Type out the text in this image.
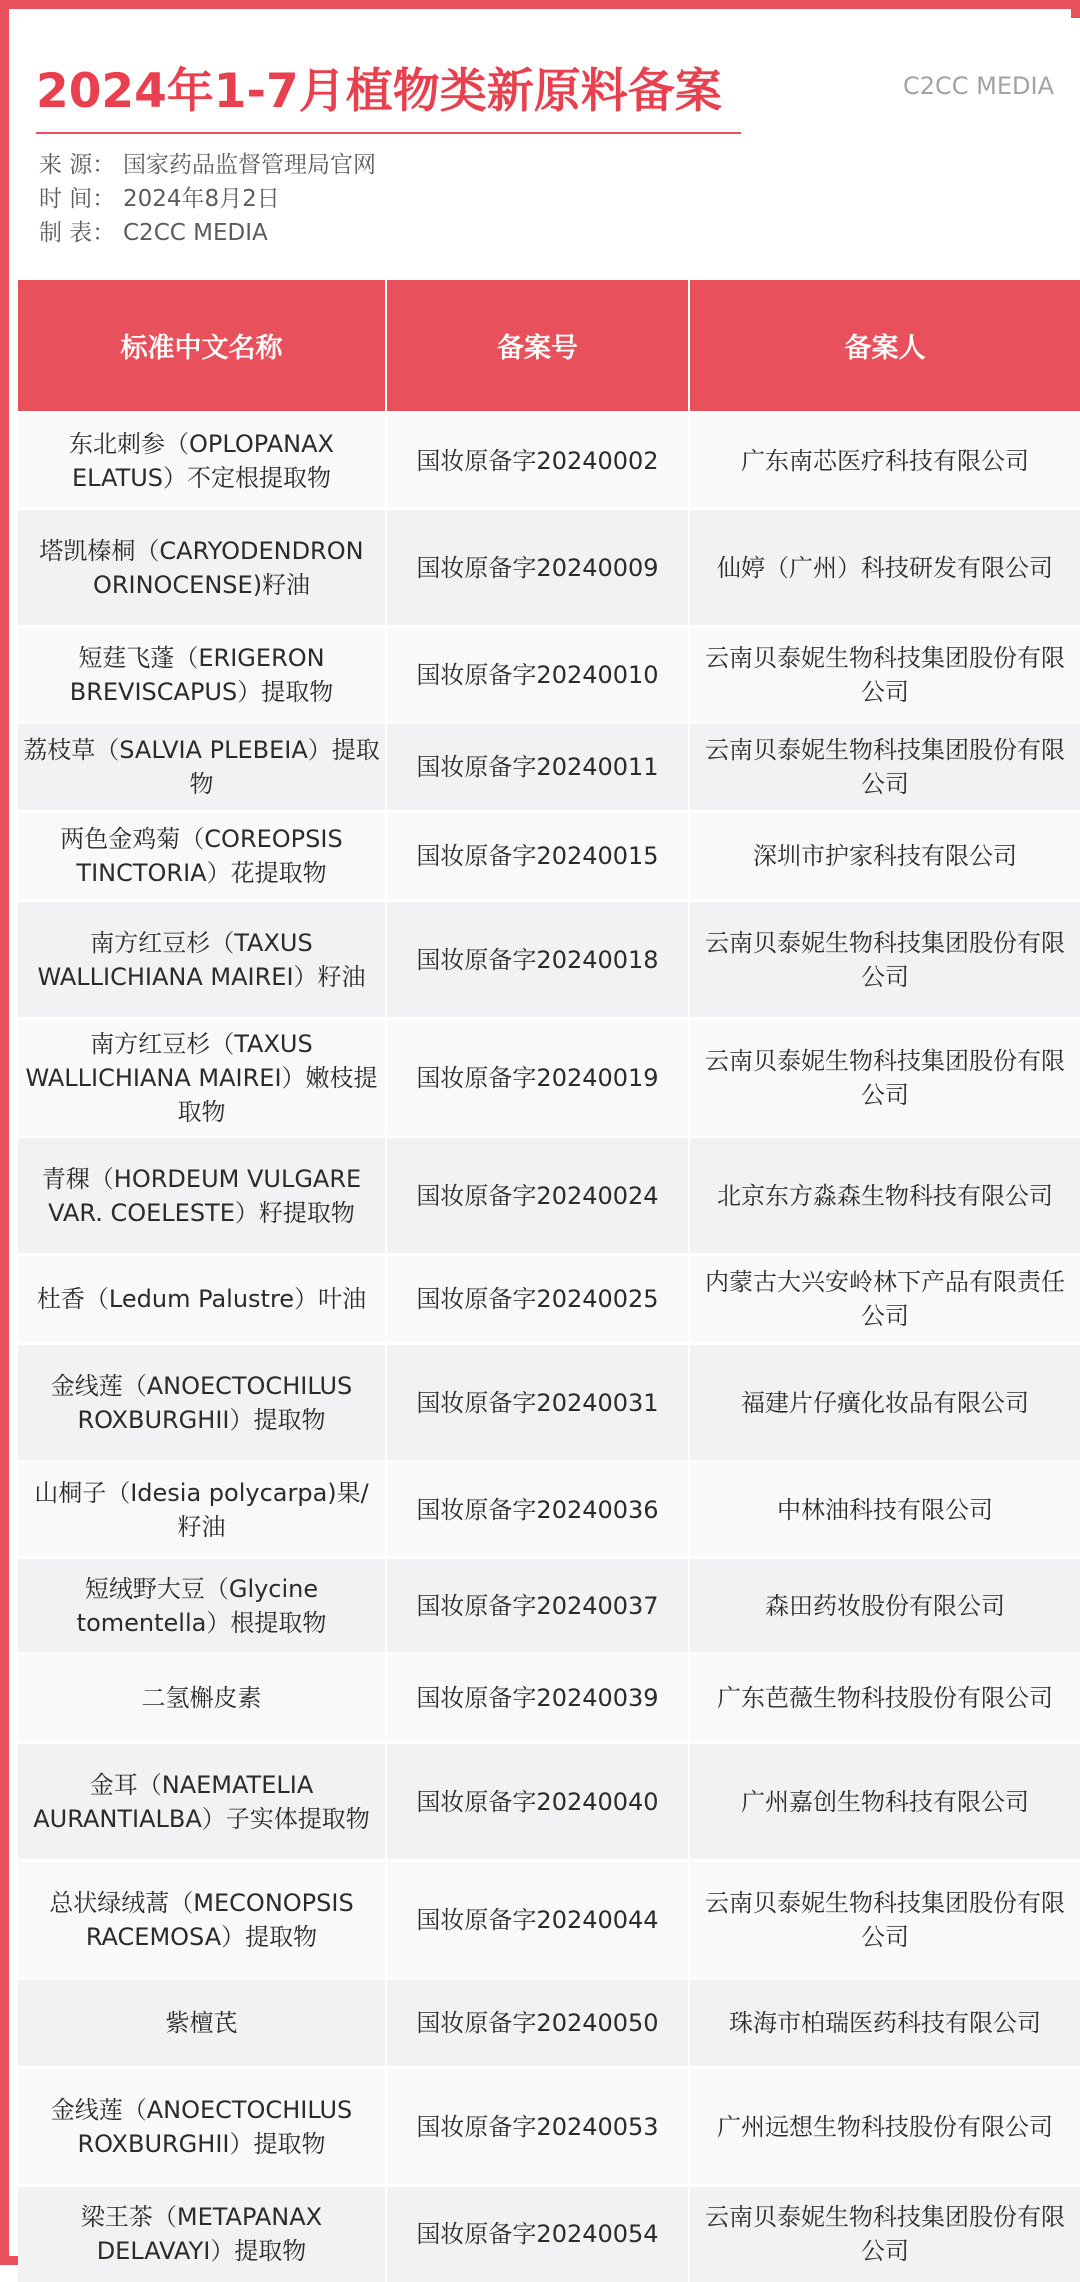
2024年1-7月植物类新原料备案	C2CC MEDIA
来 源： 国家药品监督管理局官网
时 间： 2024年8月2日
制 表： C2CC MEDIA
标准中文名称	备案号	备案人
东北刺参（OPLOPANAX ELATUS）不定根提取物	国妆原备字20240002	广东南芯医疗科技有限公司
塔凯榛桐（CARYODENDRON ORINOCENSE)籽油	国妆原备字20240009	仙婷（广州）科技研发有限公司
短莛飞蓬（ERIGERON BREVISCAPUS）提取物	国妆原备字20240010	云南贝泰妮生物科技集团股份有限公司
荔枝草（SALVIA PLEBEIA）提取物	国妆原备字20240011	云南贝泰妮生物科技集团股份有限公司
两色金鸡菊（COREOPSIS TINCTORIA）花提取物	国妆原备字20240015	深圳市护家科技有限公司
南方红豆杉（TAXUS WALLICHIANA MAIREI）籽油	国妆原备字20240018	云南贝泰妮生物科技集团股份有限公司
南方红豆杉（TAXUS WALLICHIANA MAIREI）嫩枝提取物	国妆原备字20240019	云南贝泰妮生物科技集团股份有限公司
青稞（HORDEUM VULGARE VAR. COELESTE）籽提取物	国妆原备字20240024	北京东方淼森生物科技有限公司
杜香（Ledum Palustre）叶油	国妆原备字20240025	内蒙古大兴安岭林下产品有限责任公司
金线莲（ANOECTOCHILUS ROXBURGHII）提取物	国妆原备字20240031	福建片仔癀化妆品有限公司
山桐子（Idesia polycarpa)果/籽油	国妆原备字20240036	中林油科技有限公司
短绒野大豆（Glycine tomentella）根提取物	国妆原备字20240037	森田药妆股份有限公司
二氢槲皮素	国妆原备字20240039	广东芭薇生物科技股份有限公司
金耳（NAEMATELIA AURANTIALBA）子实体提取物	国妆原备字20240040	广州嘉创生物科技有限公司
总状绿绒蒿（MECONOPSIS RACEMOSA）提取物	国妆原备字20240044	云南贝泰妮生物科技集团股份有限公司
紫檀芪	国妆原备字20240050	珠海市柏瑞医药科技有限公司
金线莲（ANOECTOCHILUS ROXBURGHII）提取物	国妆原备字20240053	广州远想生物科技股份有限公司
梁王茶（METAPANAX DELAVAYI）提取物	国妆原备字20240054	云南贝泰妮生物科技集团股份有限公司
